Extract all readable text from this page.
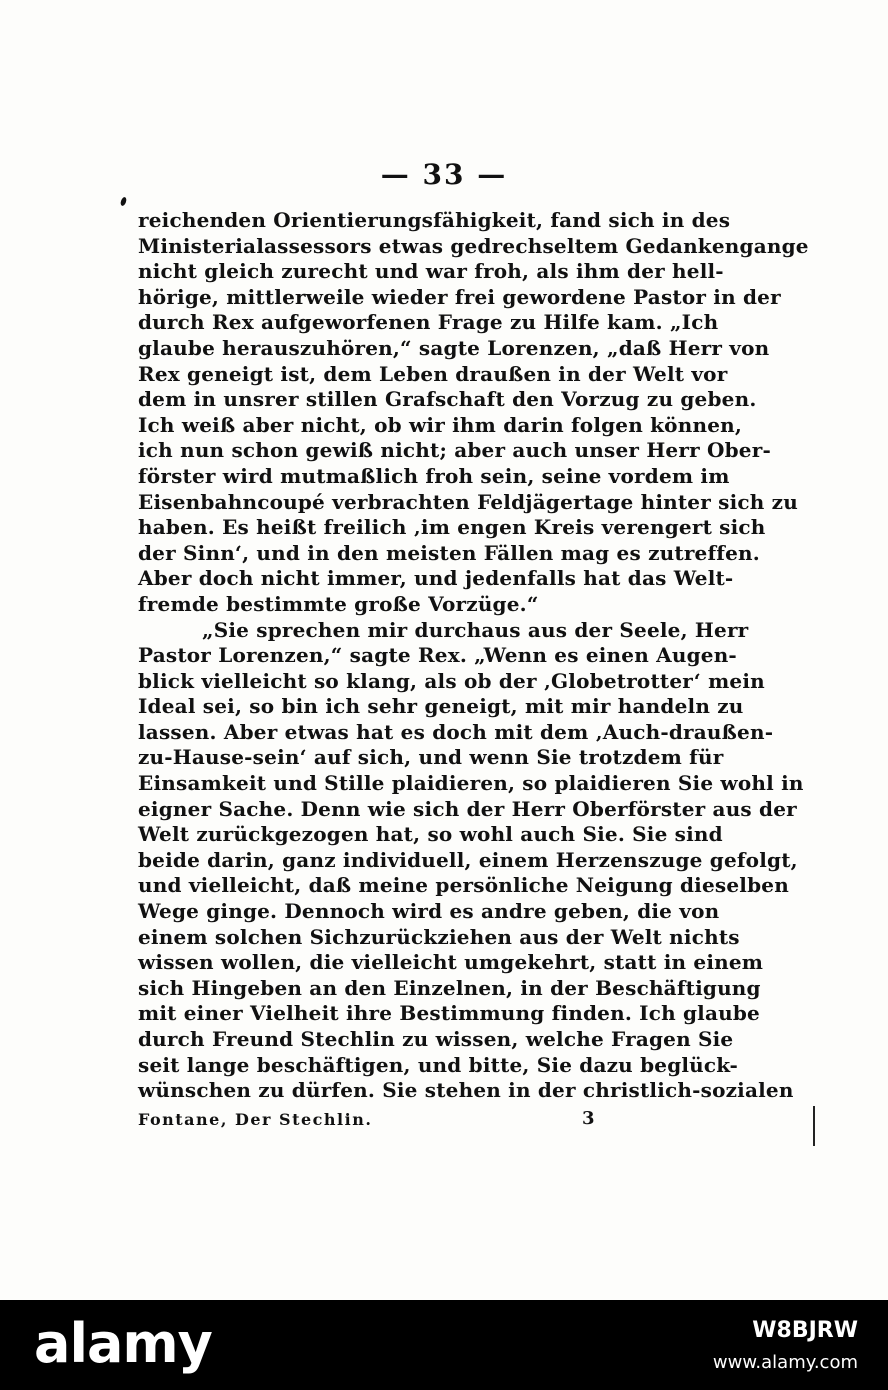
— 33 —
reichenden Orientierungsfähigkeit, fand sich in des
Ministerialassessors etwas gedrechseltem Gedankengange
nicht gleich zurecht und war froh, als ihm der hell-
hörige, mittlerweile wieder frei gewordene Pastor in der
durch Rex aufgeworfenen Frage zu Hilfe kam. „Ich
glaube herauszuhören,“ sagte Lorenzen, „daß Herr von
Rex geneigt ist, dem Leben draußen in der Welt vor
dem in unsrer stillen Grafschaft den Vorzug zu geben.
Ich weiß aber nicht, ob wir ihm darin folgen können,
ich nun schon gewiß nicht; aber auch unser Herr Ober-
förster wird mutmaßlich froh sein, seine vordem im
Eisenbahncoupé verbrachten Feldjägertage hinter sich zu
haben. Es heißt freilich ‚im engen Kreis verengert sich
der Sinn‘, und in den meisten Fällen mag es zutreffen.
Aber doch nicht immer, und jedenfalls hat das Welt-
fremde bestimmte große Vorzüge.“
„Sie sprechen mir durchaus aus der Seele, Herr
Pastor Lorenzen,“ sagte Rex. „Wenn es einen Augen-
blick vielleicht so klang, als ob der ‚Globetrotter‘ mein
Ideal sei, so bin ich sehr geneigt, mit mir handeln zu
lassen. Aber etwas hat es doch mit dem ‚Auch-draußen-
zu-Hause-sein‘ auf sich, und wenn Sie trotzdem für
Einsamkeit und Stille plaidieren, so plaidieren Sie wohl in
eigner Sache. Denn wie sich der Herr Oberförster aus der
Welt zurückgezogen hat, so wohl auch Sie. Sie sind
beide darin, ganz individuell, einem Herzenszuge gefolgt,
und vielleicht, daß meine persönliche Neigung dieselben
Wege ginge. Dennoch wird es andre geben, die von
einem solchen Sichzurückziehen aus der Welt nichts
wissen wollen, die vielleicht umgekehrt, statt in einem
sich Hingeben an den Einzelnen, in der Beschäftigung
mit einer Vielheit ihre Bestimmung finden. Ich glaube
durch Freund Stechlin zu wissen, welche Fragen Sie
seit lange beschäftigen, und bitte, Sie dazu beglück-
wünschen zu dürfen. Sie stehen in der christlich-sozialen
Fontane, Der Stechlin.	3
alamy	W8BJRW
www.alamy.com
